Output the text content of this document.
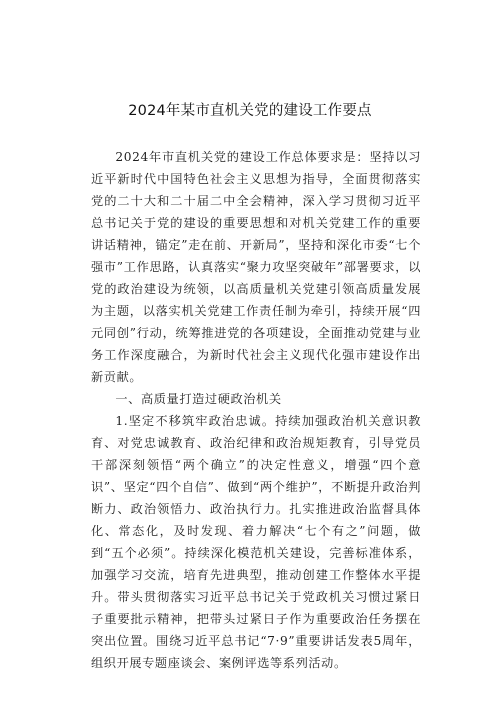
2024年某市直机关党的建设工作要点

2024年市直机关党的建设工作总体要求是：坚持以习近平新时代中国特色社会主义思想为指导，全面贯彻落实党的二十大和二十届二中全会精神，深入学习贯彻习近平总书记关于党的建设的重要思想和对机关党建工作的重要讲话精神，锚定”走在前、开新局”，坚持和深化市委“七个强市”工作思路，认真落实“聚力攻坚突破年”部署要求，以党的政治建设为统领，以高质量机关党建引领高质量发展为主题，以落实机关党建工作责任制为牵引，持续开展“四元同创”行动，统筹推进党的各项建设，全面推动党建与业务工作深度融合，为新时代社会主义现代化强市建设作出新贡献。

一、高质量打造过硬政治机关

1.坚定不移筑牢政治忠诚。持续加强政治机关意识教育、对党忠诚教育、政治纪律和政治规矩教育，引导党员干部深刻领悟“两个确立”的决定性意义，增强“四个意识”、坚定“四个自信”、做到“两个维护”，不断提升政治判断力、政治领悟力、政治执行力。扎实推进政治监督具体化、常态化，及时发现、着力解决“七个有之”问题，做到“五个必须”。持续深化模范机关建设，完善标准体系，加强学习交流，培育先进典型，推动创建工作整体水平提升。带头贯彻落实习近平总书记关于党政机关习惯过紧日子重要批示精神，把带头过紧日子作为重要政治任务摆在突出位置。围绕习近平总书记“7·9”重要讲话发表5周年，组织开展专题座谈会、案例评选等系列活动。
